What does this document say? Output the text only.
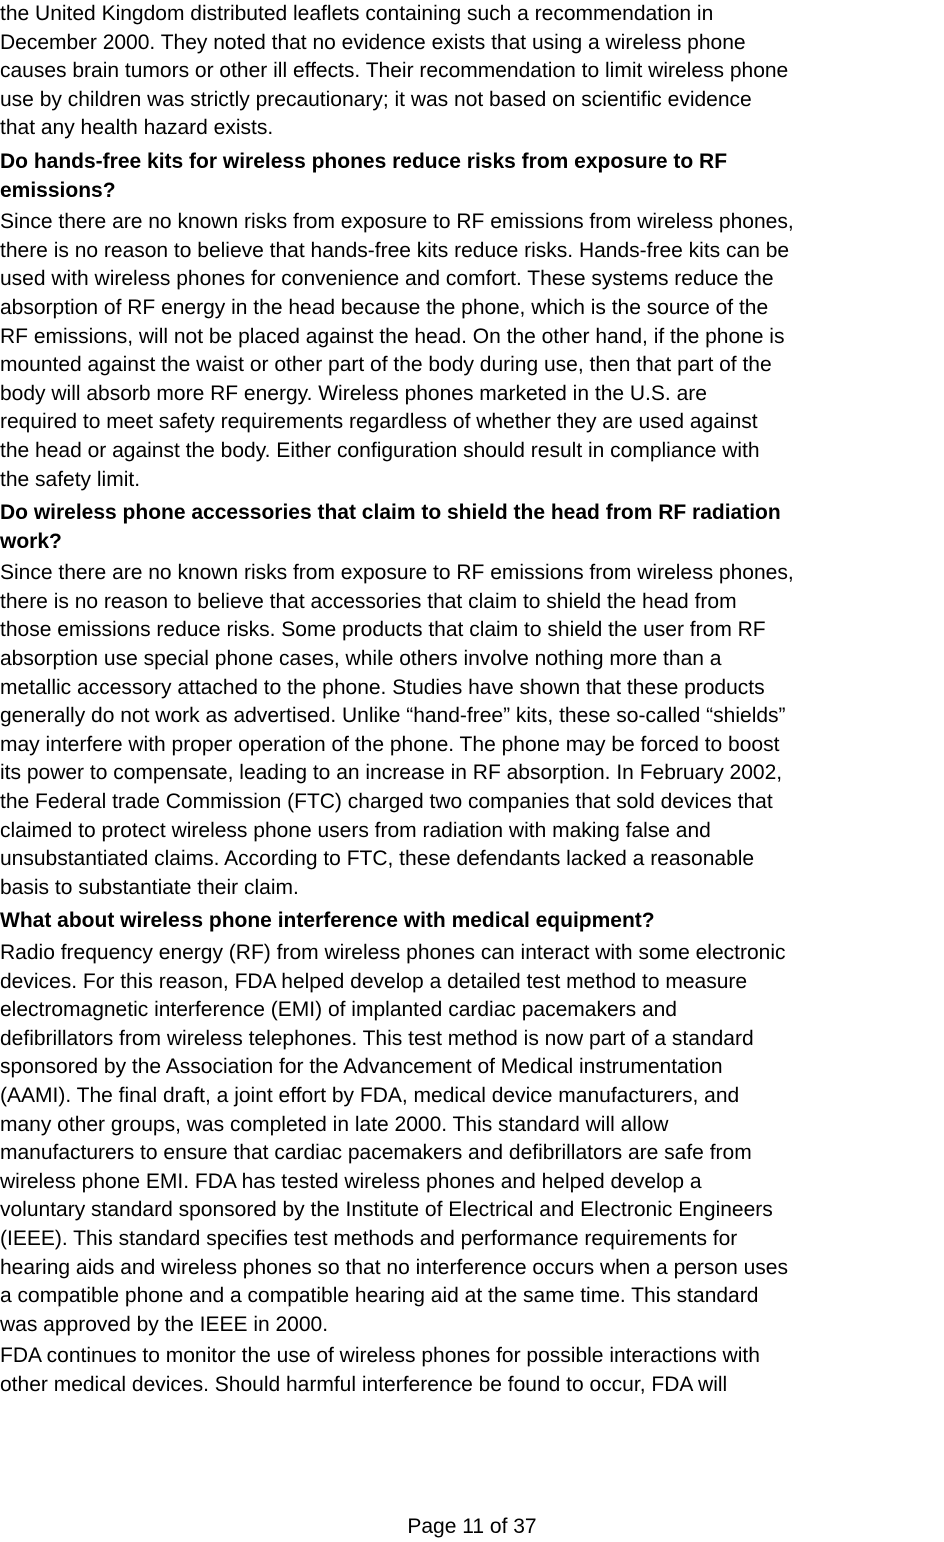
the United Kingdom distributed leaflets containing such a recommendation in
December 2000. They noted that no evidence exists that using a wireless phone
causes brain tumors or other ill effects. Their recommendation to limit wireless phone
use by children was strictly precautionary; it was not based on scientific evidence
that any health hazard exists.

Do hands-free kits for wireless phones reduce risks from exposure to RF
emissions?

Since there are no known risks from exposure to RF emissions from wireless phones,
there is no reason to believe that hands-free kits reduce risks. Hands-free kits can be
used with wireless phones for convenience and comfort. These systems reduce the
absorption of RF energy in the head because the phone, which is the source of the
RF emissions, will not be placed against the head. On the other hand, if the phone is
mounted against the waist or other part of the body during use, then that part of the
body will absorb more RF energy. Wireless phones marketed in the U.S. are
required to meet safety requirements regardless of whether they are used against
the head or against the body. Either configuration should result in compliance with
the safety limit.

Do wireless phone accessories that claim to shield the head from RF radiation
work?

Since there are no known risks from exposure to RF emissions from wireless phones,
there is no reason to believe that accessories that claim to shield the head from
those emissions reduce risks. Some products that claim to shield the user from RF
absorption use special phone cases, while others involve nothing more than a
metallic accessory attached to the phone. Studies have shown that these products
generally do not work as advertised. Unlike “hand-free” kits, these so-called “shields”
may interfere with proper operation of the phone. The phone may be forced to boost
its power to compensate, leading to an increase in RF absorption. In February 2002,
the Federal trade Commission (FTC) charged two companies that sold devices that
claimed to protect wireless phone users from radiation with making false and
unsubstantiated claims. According to FTC, these defendants lacked a reasonable
basis to substantiate their claim.

What about wireless phone interference with medical equipment?

Radio frequency energy (RF) from wireless phones can interact with some electronic
devices. For this reason, FDA helped develop a detailed test method to measure
electromagnetic interference (EMI) of implanted cardiac pacemakers and
defibrillators from wireless telephones. This test method is now part of a standard
sponsored by the Association for the Advancement of Medical instrumentation
(AAMI). The final draft, a joint effort by FDA, medical device manufacturers, and
many other groups, was completed in late 2000. This standard will allow
manufacturers to ensure that cardiac pacemakers and defibrillators are safe from
wireless phone EMI. FDA has tested wireless phones and helped develop a
voluntary standard sponsored by the Institute of Electrical and Electronic Engineers
(IEEE). This standard specifies test methods and performance requirements for
hearing aids and wireless phones so that no interference occurs when a person uses
a compatible phone and a compatible hearing aid at the same time. This standard
was approved by the IEEE in 2000.

FDA continues to monitor the use of wireless phones for possible interactions with
other medical devices. Should harmful interference be found to occur, FDA will

Page 11 of 37
